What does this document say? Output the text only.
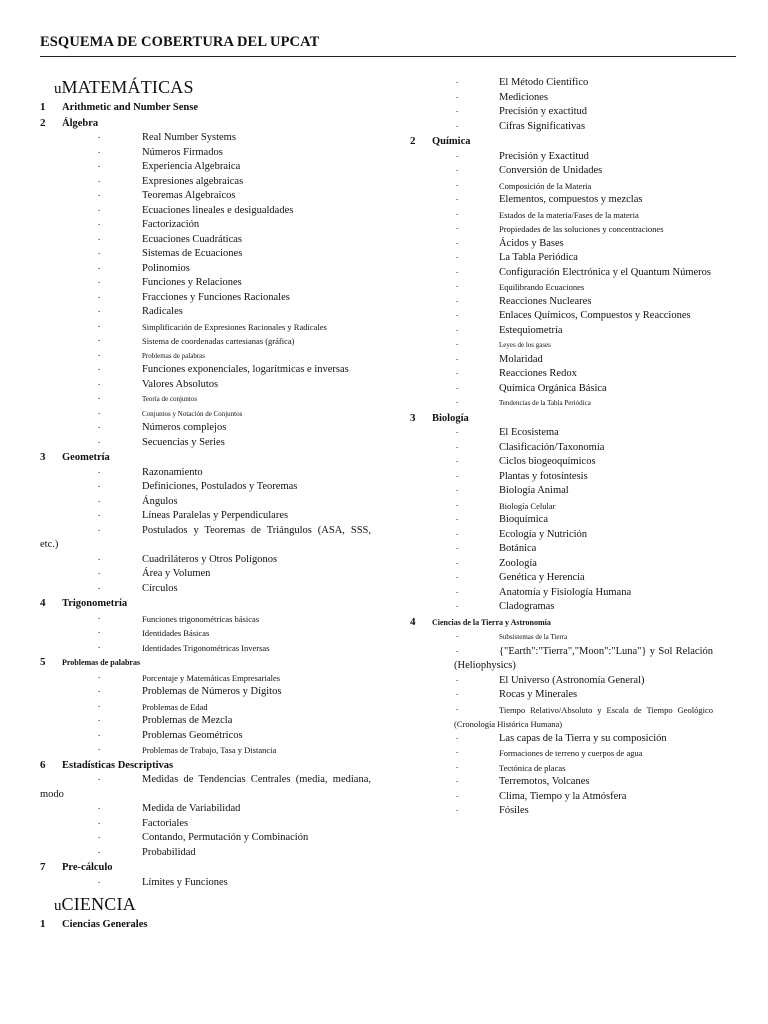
ESQUEMA DE COBERTURA DEL UPCAT
u MATEMÁTICAS
1	Arithmetic and Number Sense
2	Álgebra
.	Real Number Systems
.	Números Firmados
.	Experiencia Algebraica
.	Expresiones algebraicas
.	Teoremas Algebraicos
.	Ecuaciones lineales e desigualdades
.	Factorización
.	Ecuaciones Cuadráticas
.	Sistemas de Ecuaciones
.	Polinomios
.	Funciones y Relaciones
.	Fracciones y Funciones Racionales
.	Radicales
.	Simplificación de Expresiones Racionales y Radicales
.	Sistema de coordenadas cartesianas (gráfica)
.	Problemas de palabras
.	Funciones exponenciales, logarítmicas e inversas
.	Valores Absolutos
.	Teoría de conjuntos
.	Conjuntos y Notación de Conjuntos
.	Números complejos
.	Secuencias y Series
3	Geometría
.	Razonamiento
.	Definiciones, Postulados y Teoremas
.	Ángulos
.	Líneas Paralelas y Perpendiculares
.	Postulados y Teoremas de Triángulos (ASA, SSS, etc.)
.	Cuadriláteros y Otros Polígonos
.	Área y Volumen
.	Círculos
4	Trigonometría
.	Funciones trigonométricas básicas
.	Identidades Básicas
.	Identidades Trigonométricas Inversas
5	Problemas de palabras
.	Porcentaje y Matemáticas Empresariales
.	Problemas de Números y Dígitos
.	Problemas de Edad
.	Problemas de Mezcla
.	Problemas Geométricos
.	Problemas de Trabajo, Tasa y Distancia
6	Estadísticas Descriptivas
.	Medidas de Tendencias Centrales (media, mediana, modo
.	Medida de Variabilidad
.	Factoriales
.	Contando, Permutación y Combinación
.	Probabilidad
7	Pre-cálculo
.	Límites y Funciones
u CIENCIA
1	Ciencias Generales
.	El Método Científico
.	Mediciones
.	Precisión y exactitud
.	Cifras Significativas
2	Química
.	Precisión y Exactitud
.	Conversión de Unidades
.	Composición de la Materia
.	Elementos, compuestos y mezclas
.	Estados de la materia/Fases de la materia
.	Propiedades de las soluciones y concentraciones
.	Ácidos y Bases
.	La Tabla Periódica
.	Configuración Electrónica y el Quantum Números
.	Equilibrando Ecuaciones
.	Reacciones Nucleares
.	Enlaces Químicos, Compuestos y Reacciones
.	Estequiometría
.	Leyes de los gases
.	Molaridad
.	Reacciones Redox
.	Química Orgánica Básica
.	Tendencias de la Tabla Periódica
3	Biología
.	El Ecosistema
.	Clasificación/Taxonomía
.	Ciclos biogeoquímicos
.	Plantas y fotosíntesis
.	Biología Animal
.	Biología Celular
.	Bioquímica
.	Ecología y Nutrición
.	Botánica
.	Zoología
.	Genética y Herencia
.	Anatomía y Fisiología Humana
.	Cladogramas
4	Ciencias de la Tierra y Astronomía
.	Subsistemas de la Tierra
.	{"Earth":"Tierra","Moon":"Luna"} y Sol Relación (Heliophysics)
.	El Universo (Astronomía General)
.	Rocas y Minerales
.	Tiempo Relativo/Absoluto y Escala de Tiempo Geológico (Cronología Histórica Humana)
.	Las capas de la Tierra y su composición
.	Formaciones de terreno y cuerpos de agua
.	Tectónica de placas
.	Terremotos, Volcanes
.	Clima, Tiempo y la Atmósfera
.	Fósiles
